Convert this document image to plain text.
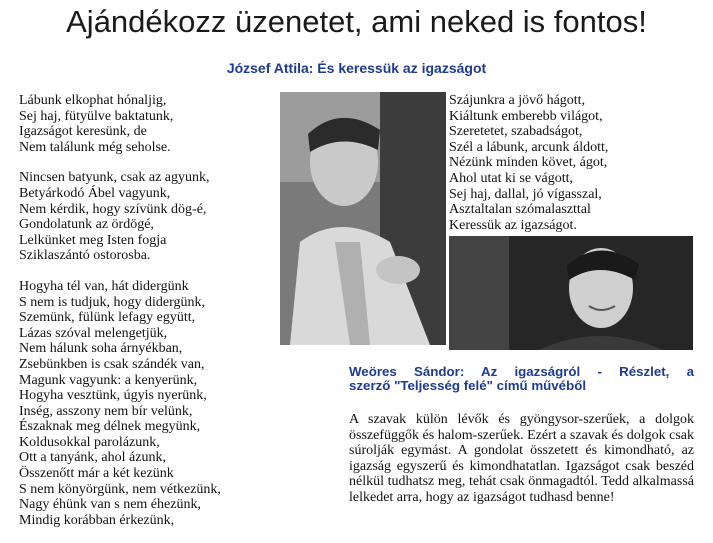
Ajándékozz üzenetet, ami neked is fontos!
József Attila: És keressük az igazságot
Lábunk elkophat hónaljig,
Sej haj, fütyülve baktatunk,
Igazságot keresünk, de
Nem találunk még seholse.
Nincsen batyunk, csak az agyunk,
Betyárkodó Ábel vagyunk,
Nem kérdik, hogy szívünk dög-é,
Gondolatunk az ördögé,
Lelkünket meg Isten fogja
Sziklaszántó ostorosba.
Hogyha tél van, hát didergünk
S nem is tudjuk, hogy didergünk,
Szemünk, fülünk lefagy együtt,
Lázas szóval melengetjük,
Nem hálunk soha árnyékban,
Zsebünkben is csak szándék van,
Magunk vagyunk: a kenyerünk,
Hogyha vesztünk, úgyis nyerünk,
Inség, asszony nem bír velünk,
Északnak meg délnek megyünk,
Koldusokkal parolázunk,
Ott a tanyánk, ahol ázunk,
Összenőtt már a két kezünk
S nem könyörgünk, nem vétkezünk,
Nagy éhünk van s nem éhezünk,
Mindig korábban érkezünk,
Szájunkra a jövő hágott,
Kiáltunk emberebb világot,
Szeretetet, szabadságot,
Szél a lábunk, arcunk áldott,
Nézünk minden követ, ágot,
Ahol utat ki se vágott,
Sej haj, dallal, jó vígasszal,
Asztaltalan szómalaszttal
Keressük az igazságot.
Weöres Sándor: Az igazságról - Részlet, a
szerző "Teljesség felé" című művéből
A szavak külön lévők és gyöngysor-szerűek, a dolgok összefüggők és halom-szerűek. Ezért a szavak és dolgok csak súrolják egymást. A gondolat összetett és kimondható, az igazság egyszerű és kimondhatatlan. Igazságot csak beszéd nélkül tudhatsz meg, tehát csak önmagadtól. Tedd alkalmassá lelkedet arra, hogy az igazságot tudhasd benne!
